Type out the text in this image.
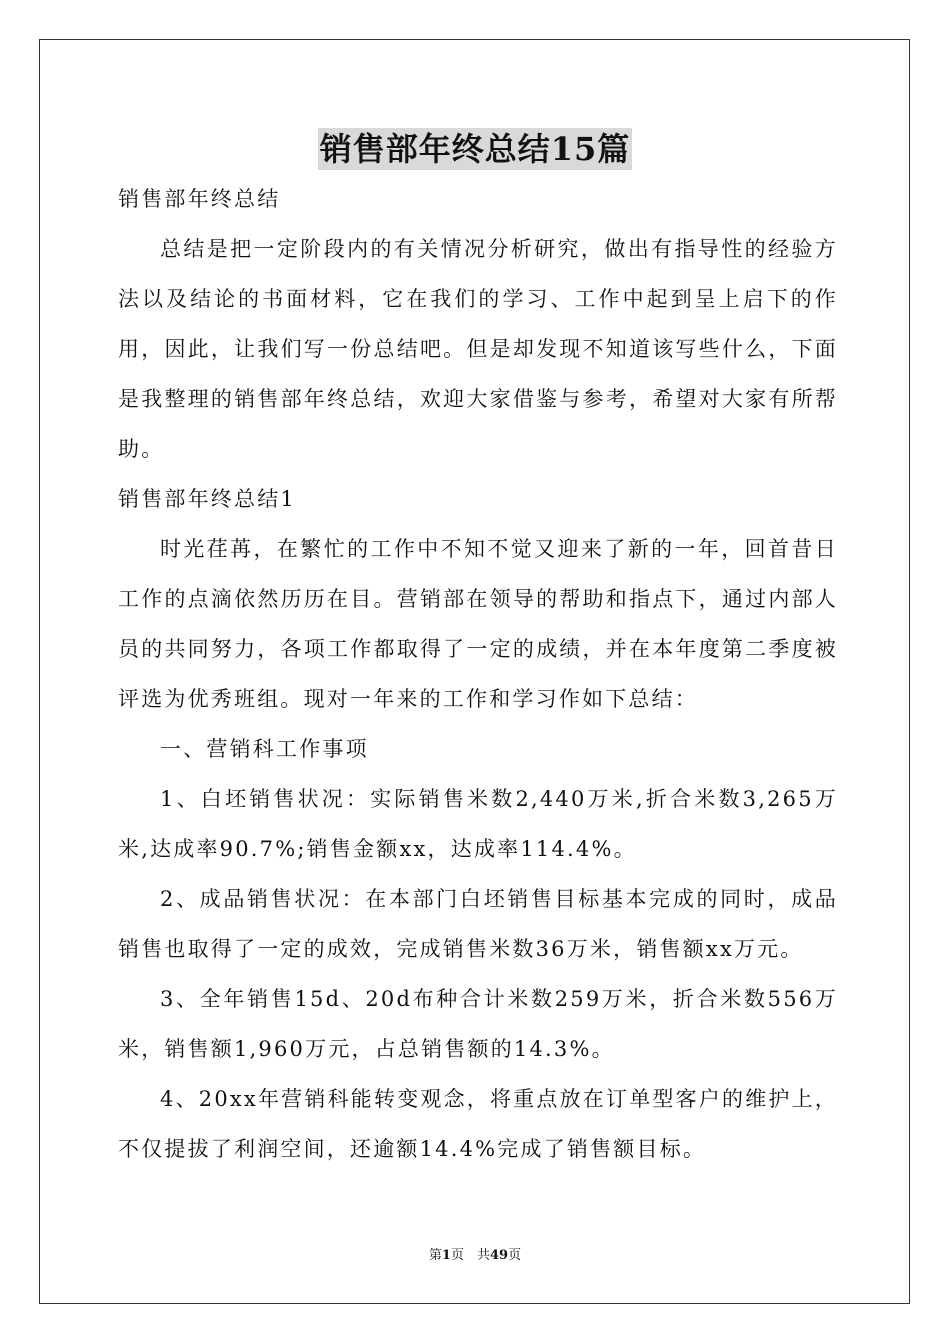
销售部年终总结15篇

销售部年终总结

总结是把一定阶段内的有关情况分析研究，做出有指导性的经验方法以及结论的书面材料，它在我们的学习、工作中起到呈上启下的作用，因此，让我们写一份总结吧。但是却发现不知道该写些什么，下面是我整理的销售部年终总结，欢迎大家借鉴与参考，希望对大家有所帮助。

销售部年终总结1

时光荏苒，在繁忙的工作中不知不觉又迎来了新的一年，回首昔日工作的点滴依然历历在目。营销部在领导的帮助和指点下，通过内部人员的共同努力，各项工作都取得了一定的成绩，并在本年度第二季度被评选为优秀班组。现对一年来的工作和学习作如下总结：

一、营销科工作事项

1、白坯销售状况：实际销售米数2,440万米,折合米数3,265万米,达成率90.7%;销售金额xx，达成率114.4%。

2、成品销售状况：在本部门白坯销售目标基本完成的同时，成品销售也取得了一定的成效，完成销售米数36万米，销售额xx万元。

3、全年销售15d、20d布种合计米数259万米，折合米数556万米，销售额1,960万元，占总销售额的14.3%。

4、20xx年营销科能转变观念，将重点放在订单型客户的维护上，不仅提拔了利润空间，还逾额14.4%完成了销售额目标。

第1页　共49页
